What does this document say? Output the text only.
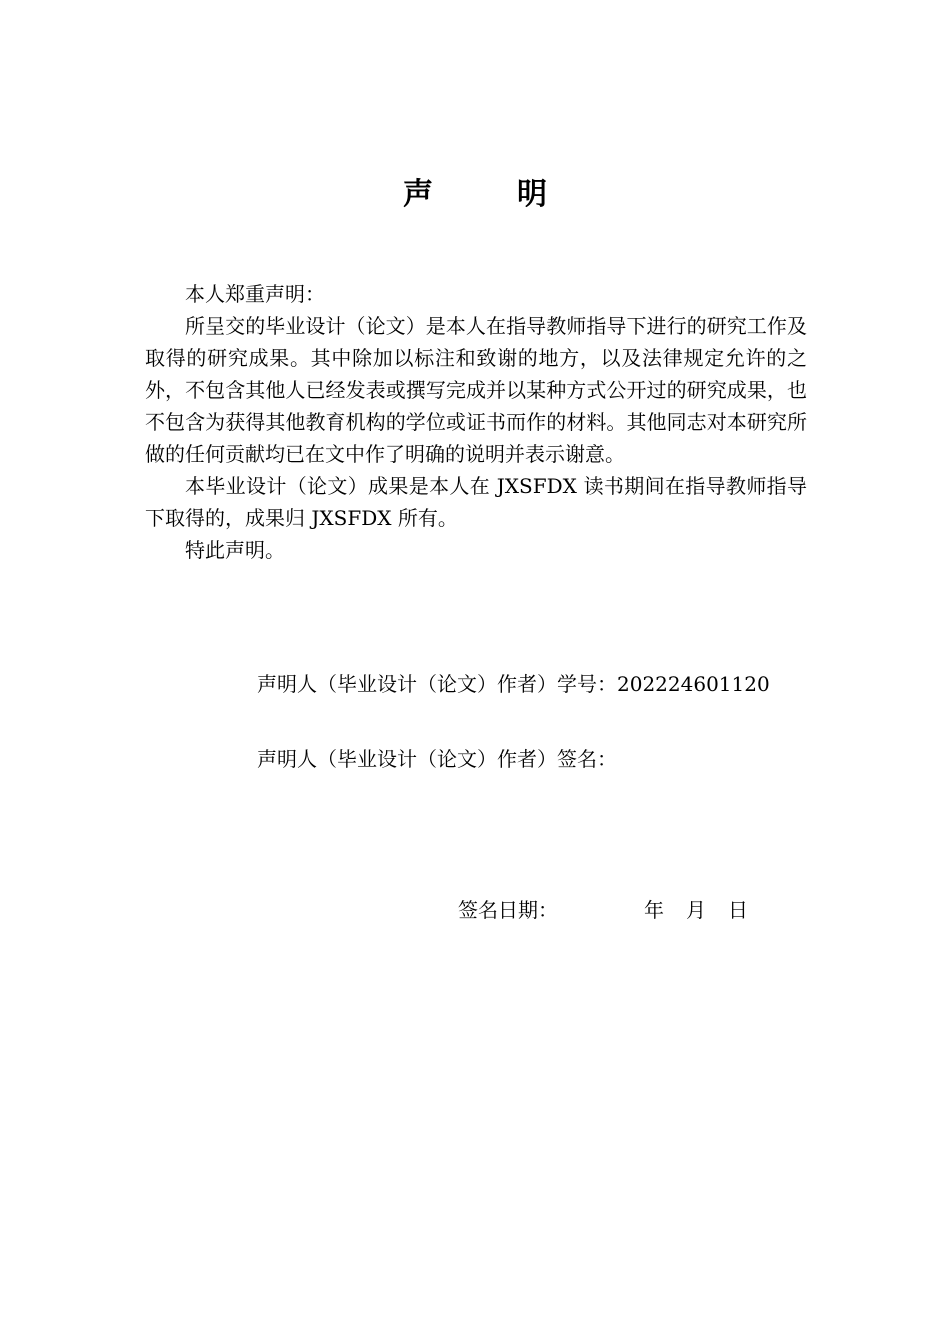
声	明

本人郑重声明：

所呈交的毕业设计（论文）是本人在指导教师指导下进行的研究工作及取得的研究成果。其中除加以标注和致谢的地方，以及法律规定允许的之外，不包含其他人已经发表或撰写完成并以某种方式公开过的研究成果，也不包含为获得其他教育机构的学位或证书而作的材料。其他同志对本研究所做的任何贡献均已在文中作了明确的说明并表示谢意。

本毕业设计（论文）成果是本人在 JXSFDX 读书期间在指导教师指导下取得的，成果归 JXSFDX 所有。

特此声明。

声明人（毕业设计（论文）作者）学号：202224601120
声明人（毕业设计（论文）作者）签名：
签名日期：	年 月 日
